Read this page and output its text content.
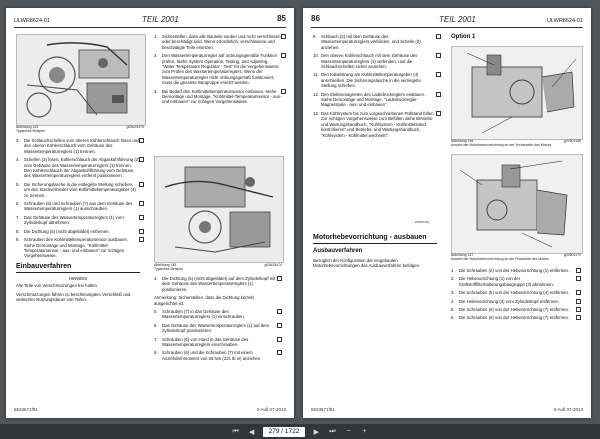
ULWR8624-01	TEIL 2001	85
Abbildung 144	g02625475

Typisches Beispiel
3. Die Schlauchschellen vom oberen Kühlerschlauch lösen und den oberen Kühlerschlauch vom Gehäuse des Wassertemperaturreglers (1) trennen.
4. Schellen (3) lösen, Kühlerschlauch der Abgaskühlführung (2) vom Gehäuse des Wassertemperaturreglers (1) trennen. Den Kühlerschlauch der Abgaskühlführung vom Gehäuse des Wassertemperaturreglers entfernt positionieren.
5. Die Sicherungslasche in die entlegelte Stellung schieben, um den Steckverbinder vom Kühlmitteltemperaturgeber (4) zu trennen.
6. Schrauben (6) und Schrauben (7) aus dem Gehäuse des Wassertemperaturreglers (1) ausschrauben.
7. Das Gehäuse des Wassertemperaturreglers (1) vom Zylinderkopf abnehmen.
8. Die Dichtung (5) (nicht abgebildet) entfernen.
9. Schrauben den Kühlmitteltemperatursensor ausbauen. Siehe Demontage und Montage, "Kühlmittel-Temperatursensor - aus- und einbauen" zur richtigen Vorgehensweise.
Einbauverfahren
HINWEIS
Alle Teile von Verschmutzungen frei halten.
Verschmutzungen führen zu beschleunigtem Verschleiß und verkürzter Nutzungsdauer von Teilen.
1. Sicherstellen, dass alle Bauteile sauber und nicht verschlissen oder beschädigt sind. Wenn erforderlich, verschlissene und beschädigte Teile ersetzen.
2. Den Wassertemperaturregler auf ordnungsgemäße Funktion prüfen. Siehe System Operation, Testing, and Adjusting, "Water Temperature Regulator - Test" für die Vorgehensweise zum Prüfen des Wassertemperaturreglers. Wenn der Wassertemperaturregler nicht ordnungsgemäß funktioniert, muss die gesamte Baugruppe ersetzt werden.
3. Bei Bedarf den Kühlmitteltemperatursensor einbauen. Siehe Demontage und Montage, "Kühlmittel-Temperatursensor - aus- und einbauen" zur richtigen Vorgehensweise.
Abbildung 145	g02625474

Typisches Beispiel
4. Die Dichtung (5) (nicht abgebildet) auf dem Zylinderkopf mit dem Gehäuse des Wassertemperaturreglers (1) positionieren.
Anmerkung: Sicherstellen, dass die Dichtung korrekt ausgerichtet ist.
5. Schrauben (7) in das Gehäuse des Wassertemperaturreglers (1) einschrauben.
6. Das Gehäuse des Wassertemperaturreglers (1) auf dem Zylinderkopf positionieren.
7. Schrauben (6) von Hand in das Gehäuse des Wassertemperaturreglers einschrauben.
8. Schrauben (6) und die Schrauben (7) mit einem Anziehdrehmoment von 25 Nm (221 lb in) anziehen.
6523671f91	3-Aufl 07-2013
86	TEIL 2001	ULWR8624-01
9. Schlauch (2) mit dem Gehäuse des Wassertemperaturreglers verbinden, und Schelle (3) anziehen.
10. Den oberen Kühlerschlauch mit dem Gehäuse des Wassertemperaturreglers (1) verbinden, und die Schlauchschellen sicher anziehen.
11. Den Kabelstrang am Kühlmitteltemperaturgeber (4) anschließen. Die Sicherungslasche in die verriegelte Stellung schieben.
12. Den Elektromagneten des Ladedruckreglers einbauen. Siehe Demontage und Montage, "Ladedruckregler-Magnetspule - aus- und einbauen".
13. Das Kühlsystem bis zum vorgeschriebenen Füllstand füllen. Zur richtigen Vorgehensweise zum Befüllen siehe Betriebs- und Wartungshandbuch, "Kühlsystem - Kühlmittelstand kontrollieren" und Betriebs- und Wartungshandbuch, "Kühlsystem - Kühlmittel wechseln".
i04655730
Motorhebevorrichtung - ausbauen
Ausbauverfahren
Bezüglich der Konfiguration der eingebauten Motorhebevorrichtungen das Ausbauverfahren befolgen.
Option 1
Abbildung 146	g02601186

Ansicht der Motorhebevorrichtung an der Vorderseite des Motors
Abbildung 147	g02601179

Ansicht der Motorhebevorrichtung an der Rückseite des Motors
1. Die Schrauben (2) von der Hebevorrichtung (1) entfernen.
2. Die Hebevorrichtung (1) von der Kraftstofffilterhalterungsbaugruppe (3) abnehmen.
3. Die Schrauben (5) von der Hebevorrichtung (4) entfernen.
4. Die Hebevorrichtung (4) vom Zylinderkopf entfernen.
5. Die Schrauben (6) von der Hebevorrichtung (7) entfernen.
6. Die Schrauben (6) von der Hebevorrichtung (7) entfernen.
6523671f91	3-Aufl 07-2013
⏮	◀	279 / 1722	▶	⏭	−	+
